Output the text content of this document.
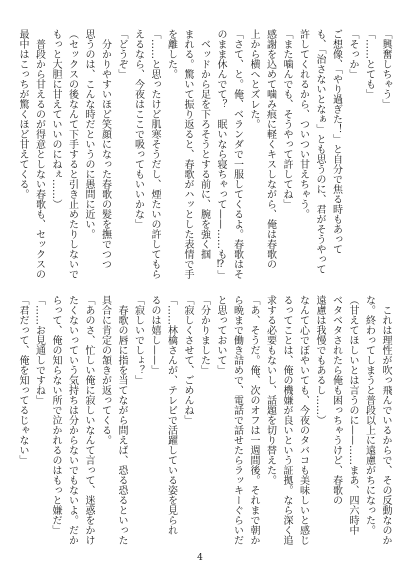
「興奮しちゃう」
「……とても」
「そっか」
ご想像、「やり過ぎた！」と自分で焦る時もあって
も、「治さないとなぁ」とも思うのに、君がそうやって
許してくれるから、ついつい甘えちゃう。
「また噛んでも、そうやって許してね」
感謝を込めて噛み痕に軽くキスしながら、俺は春歌の
上から横へとズレた。
「さて、と。俺、ベランダで一服してくるよ。春歌はそ
のまま休んでて？　眠いなら寝ちゃって——……も⁉」
　ベッドから足を下ろそうとする前に、腕を強く掴
まれる。驚いて振り返ると、春歌がハッとした表情で手
を離した。
「……と思ったけど肌寒そうだし、煙たいの許してもら
えるなら、今夜はここで吸ってもいいかな」
「どうぞ」
　分かりやすいほど笑顔になった春歌の髪を撫でつつ
思うのは、こんな時だというのに愚問に近い。
（セックスの後なんて下手すると引き止めたりしないで
もっと大胆に甘えていいのにねぇ……）
　普段から甘えるのが得意としない春歌も、セックスの
最中はこっちが驚くほど甘えてくる。
　これは理性が吹っ飛んでいるからで、その反動なのか
な。終わってしまうと普段以上に遠慮がちになった。
（甘えてほしいとは言うのに——……まあ、四六時中
ベタベタされたら俺も困っちゃうけど、春歌の
遠慮は我慢でもあるし……）
なんて心でぼやいても、今夜のタバコも美味しいと感じ
るってことは、俺の機嫌が良いという証拠。なら深く追
求する必要もないし、話題を切り替えた。
「あ、そうだ。俺、次のオフは一週間後。それまで朝か
ら晩まで働き詰めで、電話で話せたらラッキーぐらいだ
と思っておいて」
「分かりました」
「寂しくさせて、ごめんね」
「……林檎さんが、テレビで活躍している姿を見られ
るのは嬉し——」
「寂しいでしょ？」
　春歌の唇に指を当てながら問えば、恐る恐るといった
具合に肯定の頷きが返ってくる。
「あのさ、忙しい俺に寂しいなんて言って、迷惑をかけ
たくないっていう気持ちは分からないでもないよ。だか
らって、俺の知らない所で泣かれるのはもっと嫌だ」
「……お見通しですね」
「君だって、俺を知ってるじゃない」
4
